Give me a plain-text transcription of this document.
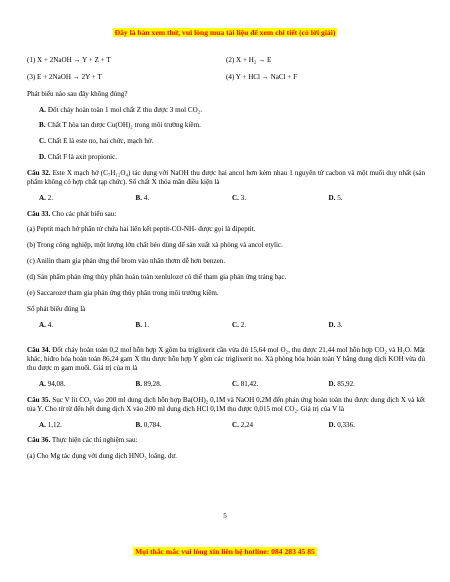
Đây là bản xem thử, vui lòng mua tài liệu để xem chi tiết (có lời giải)
(1) X + 2NaOH → Y + Z + T	(2) X + H₂ → E
(3) E + 2NaOH → 2Y + T	(4) Y + HCl → NaCl + F

Phát biểu nào sau đây không đúng?

A. Đốt cháy hoàn toàn 1 mol chất Z thu được 3 mol CO₂.
B. Chất T hòa tan được Cu(OH)₂ trong môi trường kiềm.
C. Chất E là este no, hai chức, mạch hở.
D. Chất F là axit propionic.

Câu 32. Este X mạch hở (C₇H₁₂O₄) tác dụng với NaOH thu được hai ancol hơn kém nhau 1 nguyên tử cacbon và một muối duy nhất (sản phẩm không có hợp chất tạp chức). Số chất X thỏa mãn điều kiện là

A. 2.	B. 4.	C. 3.	D. 5.

Câu 33. Cho các phát biểu sau:

(a) Peptit mạch hở phân tử chứa hai liên kết peptit-CO-NH- được gọi là đipeptit.

(b) Trong công nghiệp, một lượng lớn chất béo dùng để sản xuất xà phòng và ancol etylic.

(c) Anilin tham gia phản ứng thế brom vào nhân thơm dễ hơn benzen.

(d) Sản phẩm phản ứng thủy phân hoàn toàn xenlulozơ có thể tham gia phản ứng tráng bạc.

(e) Saccarozơ tham gia phản ứng thủy phân trong môi trường kiềm.

Số phát biểu đúng là

A. 4.	B. 1.	C. 2.	D. 3.

Câu 34. Đốt cháy hoàn toàn 0,2 mol hỗn hợp X gồm ba triglixerit cần vừa đủ 15,64 mol O₂, thu được 21,44 mol hỗn hợp CO₂ và H₂O. Mặt khác, hiđro hóa hoàn toàn 86,24 gam X thu được hỗn hợp Y gồm các triglixerit no. Xà phòng hóa hoàn toàn Y bằng dung dịch KOH vừa đủ thu được m gam muối. Giá trị của m là

A. 94,08.	B. 89,28.	C. 81,42.	D. 85,92.

Câu 35. Sục V lít CO₂ vào 200 ml dung dịch hỗn hợp Ba(OH)₂ 0,1M và NaOH 0,2M đến phản ứng hoàn toàn thu được dung dịch X và kết tủa Y. Cho từ từ đến hết dung dịch X vào 200 ml dung dịch HCl 0,1M thu được 0,015 mol CO₂. Giá trị của V là

A. 1,12.	B. 0,784.	C. 2,24	D. 0,336.

Câu 36. Thực hiện các thí nghiệm sau:

(a) Cho Mg tác dụng với dung dịch HNO₃ loãng, dư.

5
Mọi thắc mắc vui lòng xin liên hệ hotline: 084 283 45 85
